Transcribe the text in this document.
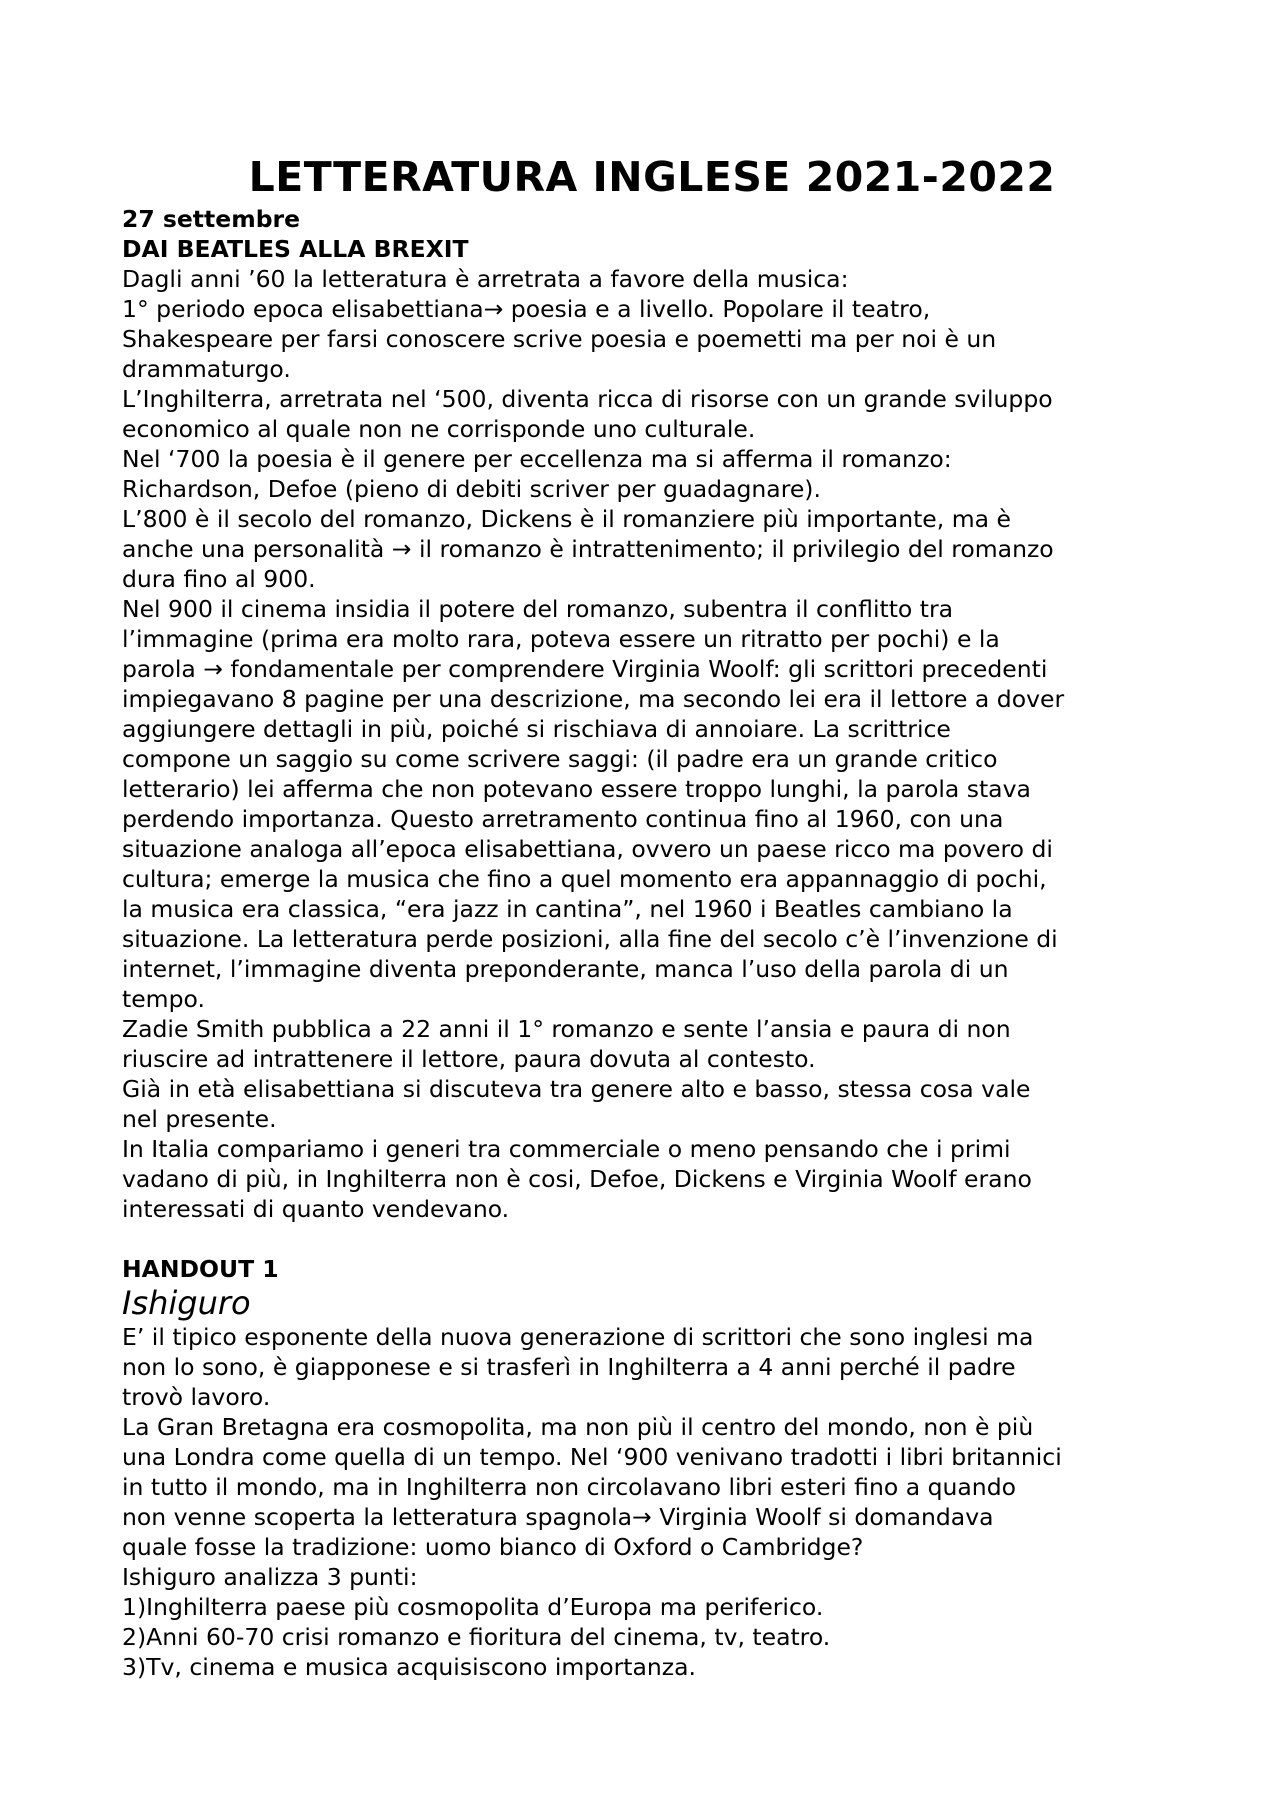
LETTERATURA INGLESE 2021-2022

27 settembre

DAI BEATLES ALLA BREXIT

Dagli anni ’60 la letteratura è arretrata a favore della musica:
1° periodo epoca elisabettiana→ poesia e a livello. Popolare il teatro,
Shakespeare per farsi conoscere scrive poesia e poemetti ma per noi è un
drammaturgo.
L’Inghilterra, arretrata nel ‘500, diventa ricca di risorse con un grande sviluppo
economico al quale non ne corrisponde uno culturale.
Nel ‘700 la poesia è il genere per eccellenza ma si afferma il romanzo:
Richardson, Defoe (pieno di debiti scriver per guadagnare).
L’800 è il secolo del romanzo, Dickens è il romanziere più importante, ma è
anche una personalità → il romanzo è intrattenimento; il privilegio del romanzo
dura fino al 900.
Nel 900 il cinema insidia il potere del romanzo, subentra il conflitto tra
l’immagine (prima era molto rara, poteva essere un ritratto per pochi) e la
parola → fondamentale per comprendere Virginia Woolf: gli scrittori precedenti
impiegavano 8 pagine per una descrizione, ma secondo lei era il lettore a dover
aggiungere dettagli in più, poiché si rischiava di annoiare. La scrittrice
compone un saggio su come scrivere saggi: (il padre era un grande critico
letterario) lei afferma che non potevano essere troppo lunghi, la parola stava
perdendo importanza. Questo arretramento continua fino al 1960, con una
situazione analoga all’epoca elisabettiana, ovvero un paese ricco ma povero di
cultura; emerge la musica che fino a quel momento era appannaggio di pochi,
la musica era classica, “era jazz in cantina”, nel 1960 i Beatles cambiano la
situazione. La letteratura perde posizioni, alla fine del secolo c’è l’invenzione di
internet, l’immagine diventa preponderante, manca l’uso della parola di un
tempo.
Zadie Smith pubblica a 22 anni il 1° romanzo e sente l’ansia e paura di non
riuscire ad intrattenere il lettore, paura dovuta al contesto.
Già in età elisabettiana si discuteva tra genere alto e basso, stessa cosa vale
nel presente.
In Italia compariamo i generi tra commerciale o meno pensando che i primi
vadano di più, in Inghilterra non è cosi, Defoe, Dickens e Virginia Woolf erano
interessati di quanto vendevano.

HANDOUT 1

Ishiguro

E’ il tipico esponente della nuova generazione di scrittori che sono inglesi ma
non lo sono, è giapponese e si trasferì in Inghilterra a 4 anni perché il padre
trovò lavoro.
La Gran Bretagna era cosmopolita, ma non più il centro del mondo, non è più
una Londra come quella di un tempo. Nel ‘900 venivano tradotti i libri britannici
in tutto il mondo, ma in Inghilterra non circolavano libri esteri fino a quando
non venne scoperta la letteratura spagnola→ Virginia Woolf si domandava
quale fosse la tradizione: uomo bianco di Oxford o Cambridge?
Ishiguro analizza 3 punti:
1)Inghilterra paese più cosmopolita d’Europa ma periferico.
2)Anni 60-70 crisi romanzo e fioritura del cinema, tv, teatro.
3)Tv, cinema e musica acquisiscono importanza.
